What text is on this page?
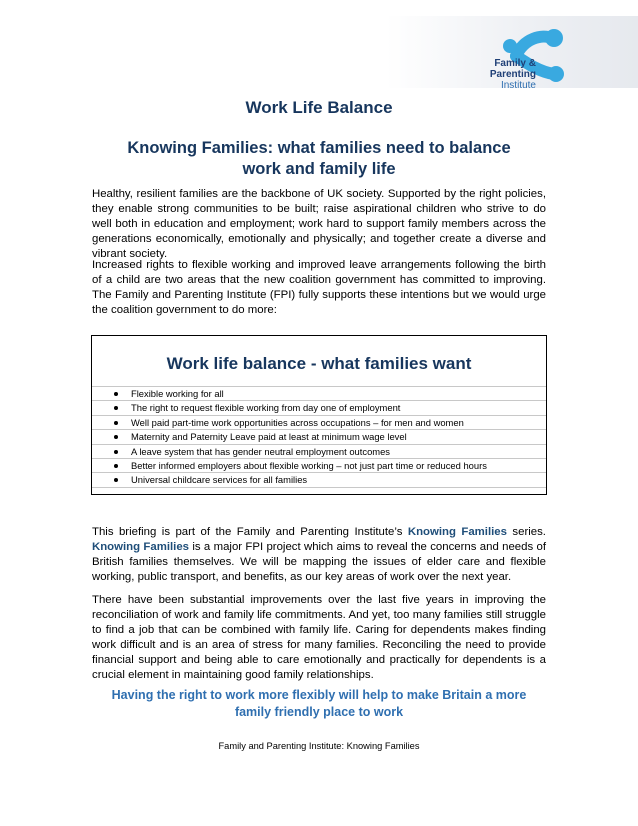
Family & Parenting
Institute
Work Life Balance
Knowing Families: what families need to balance work and family life

Healthy, resilient families are the backbone of UK society. Supported by the right policies, they enable strong communities to be built; raise aspirational children who strive to do well both in education and employment; work hard to support family members across the generations economically, emotionally and physically; and together create a diverse and vibrant society.

Increased rights to flexible working and improved leave arrangements following the birth of a child are two areas that the new coalition government has committed to improving. The Family and Parenting Institute (FPI) fully supports these intentions but we would urge the coalition government to do more:

Work life balance - what families want
Flexible working for all
The right to request flexible working from day one of employment
Well paid part-time work opportunities across occupations – for men and women
Maternity and Paternity Leave paid at least at minimum wage level
A leave system that has gender neutral employment outcomes
Better informed employers about flexible working – not just part time or reduced hours
Universal childcare services for all families

This briefing is part of the Family and Parenting Institute’s Knowing Families series. Knowing Families is a major FPI project which aims to reveal the concerns and needs of British families themselves. We will be mapping the issues of elder care and flexible working, public transport, and benefits, as our key areas of work over the next year.

There have been substantial improvements over the last five years in improving the reconciliation of work and family life commitments. And yet, too many families still struggle to find a job that can be combined with family life. Caring for dependents makes finding work difficult and is an area of stress for many families. Reconciling the need to provide financial support and being able to care emotionally and practically for dependents is a crucial element in maintaining good family relationships.

Having the right to work more flexibly will help to make Britain a more family friendly place to work
Family and Parenting Institute: Knowing Families
